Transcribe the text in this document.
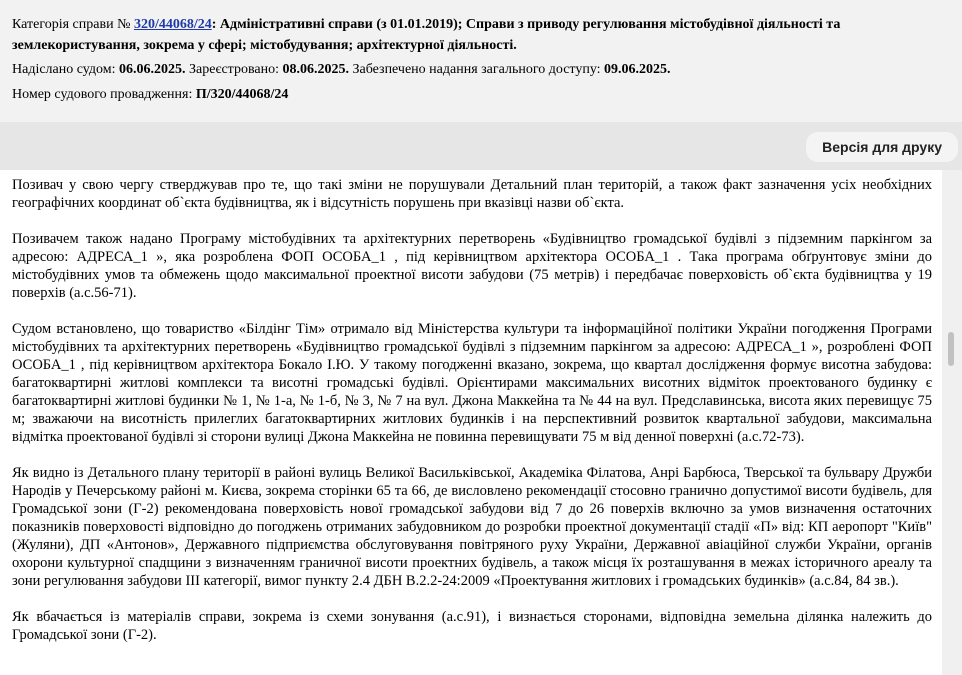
Категорія справи № 320/44068/24: Адміністративні справи (з 01.01.2019); Справи з приводу регулювання містобудівної діяльності та землекористування, зокрема у сфері; містобудування; архітектурної діяльності.

Надіслано судом: 06.06.2025. Зареєстровано: 08.06.2025. Забезпечено надання загального доступу: 09.06.2025.

Номер судового провадження: П/320/44068/24

Версія для друку

Позивач у свою чергу стверджував про те, що такі зміни не порушували Детальний план територій, а також факт зазначення усіх необхідних географічних координат об`єкта будівництва, як і відсутність порушень при вказівці назви об`єкта.

Позивачем також надано Програму містобудівних та архітектурних перетворень «Будівництво громадської будівлі з підземним паркінгом за адресою: АДРЕСА_1 », яка розроблена ФОП ОСОБА_1 , під керівництвом архітектора ОСОБА_1 . Така програма обґрунтовує зміни до містобудівних умов та обмежень щодо максимальної проектної висоти забудови (75 метрів) і передбачає поверховість об`єкта будівництва у 19 поверхів (а.с.56-71).

Судом встановлено, що товариство «Білдінг Тім» отримало від Міністерства культури та інформаційної політики України погодження Програми містобудівних та архітектурних перетворень «Будівництво громадської будівлі з підземним паркінгом за адресою: АДРЕСА_1 », розроблені ФОП ОСОБА_1 , під керівництвом архітектора Бокало І.Ю. У такому погодженні вказано, зокрема, що квартал дослідження формує висотна забудова: багатоквартирні житлові комплекси та висотні громадські будівлі. Орієнтирами максимальних висотних відміток проектованого будинку є багатоквартирні житлові будинки № 1, № 1-а, № 1-б, № 3, № 7 на вул. Джона Маккейна та № 44 на вул. Предславинська, висота яких перевищує 75 м; зважаючи на висотність прилеглих багатоквартирних житлових будинків і на перспективний розвиток квартальної забудови, максимальна відмітка проектованої будівлі зі сторони вулиці Джона Маккейна не повинна перевищувати 75 м від денної поверхні (а.с.72-73).

Як видно із Детального плану території в районі вулиць Великої Васильківської, Академіка Філатова, Анрі Барбюса, Тверської та бульвару Дружби Народів у Печерському районі м. Києва, зокрема сторінки 65 та 66, де висловлено рекомендації стосовно гранично допустимої висоти будівель, для Громадської зони (Г-2) рекомендована поверховість нової громадської забудови від 7 до 26 поверхів включно за умов визначення остаточних показників поверховості відповідно до погоджень отриманих забудовником до розробки проектної документації стадії «П» від: КП аеропорт "Київ" (Жуляни), ДП «Антонов», Державного підприємства обслуговування повітряного руху України, Державної авіаційної служби України, органів охорони культурної спадщини з визначенням граничної висоти проектних будівель, а також місця їх розташування в межах історичного ареалу та зони регулювання забудови ІІІ категорії, вимог пункту 2.4 ДБН В.2.2-24:2009 «Проектування житлових і громадських будинків» (а.с.84, 84 зв.).

Як вбачається із матеріалів справи, зокрема із схеми зонування (а.с.91), і визнається сторонами, відповідна земельна ділянка належить до Громадської зони (Г-2).
